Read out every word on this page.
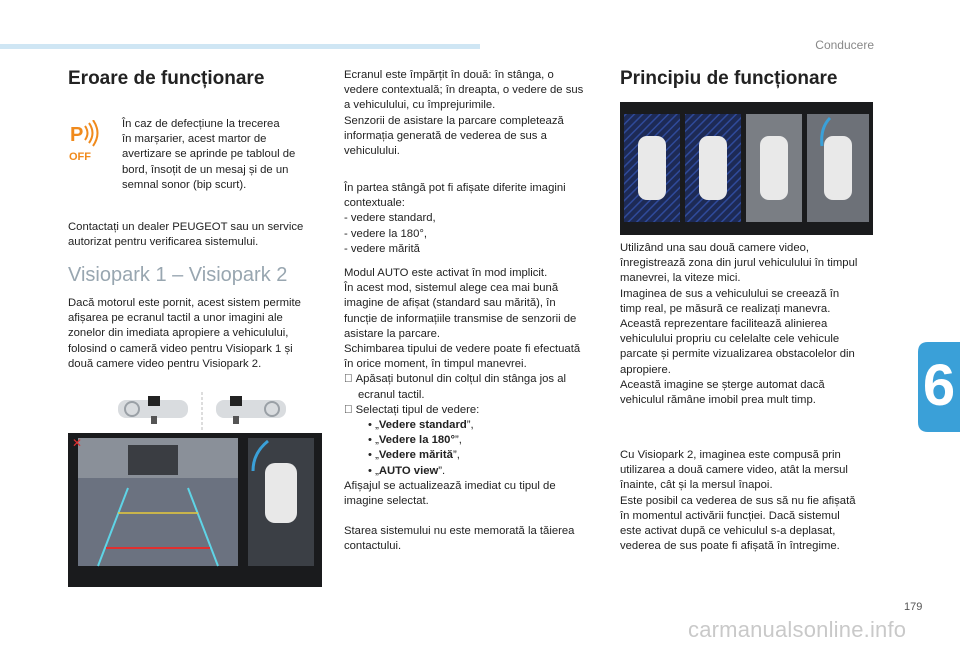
Conducere
6
179
carmanualsonline.info
Eroare de funcționare
P
OFF

În caz de defecțiune la trecerea
în marșarier, acest martor de
avertizare se aprinde pe tabloul de
bord, însoțit de un mesaj și de un
semnal sonor (bip scurt).

Contactați un dealer PEUGEOT sau un service
autorizat pentru verificarea sistemului.

Visiopark 1 – Visiopark 2

Dacă motorul este pornit, acest sistem permite
afișarea pe ecranul tactil a unor imagini ale
zonelor din imediata apropiere a vehiculului,
folosind o cameră video pentru Visiopark 1 și
două camere video pentru Visiopark 2.

✕

Ecranul este împărțit în două: în stânga, o
vedere contextuală; în dreapta, o vedere de sus
a vehiculului, cu împrejurimile.
Senzorii de asistare la parcare completează
informația generată de vederea de sus a
vehiculului.

În partea stângă pot fi afișate diferite imagini
contextuale:
- vedere standard,
- vedere la 180°,
- vedere mărită

Modul AUTO este activat în mod implicit.
În acest mod, sistemul alege cea mai bună
imagine de afișat (standard sau mărită), în
funcție de informațiile transmise de senzorii de
asistare la parcare.
Schimbarea tipului de vedere poate fi efectuată
în orice moment, în timpul manevrei.
Apăsați butonul din colțul din stânga jos al
ecranul tactil.
Selectați tipul de vedere:
• „Vedere standard”,
• „Vedere la 180°”,
• „Vedere mărită”,
• „AUTO view”.
Afișajul se actualizează imediat cu tipul de
imagine selectat.

Starea sistemului nu este memorată la tăierea
contactului.

Principiu de funcționare

Utilizând una sau două camere video,
înregistrează zona din jurul vehiculului în timpul
manevrei, la viteze mici.
Imaginea de sus a vehiculului se creează în
timp real, pe măsură ce realizați manevra.
Această reprezentare facilitează alinierea
vehiculului propriu cu celelalte cele vehicule
parcate și permite vizualizarea obstacolelor din
apropiere.
Această imagine se șterge automat dacă
vehiculul rămâne imobil prea mult timp.

Cu Visiopark 2, imaginea este compusă prin
utilizarea a două camere video, atât la mersul
înainte, cât și la mersul înapoi.
Este posibil ca vederea de sus să nu fie afișată
în momentul activării funcției. Dacă sistemul
este activat după ce vehiculul s-a deplasat,
vederea de sus poate fi afișată în întregime.
